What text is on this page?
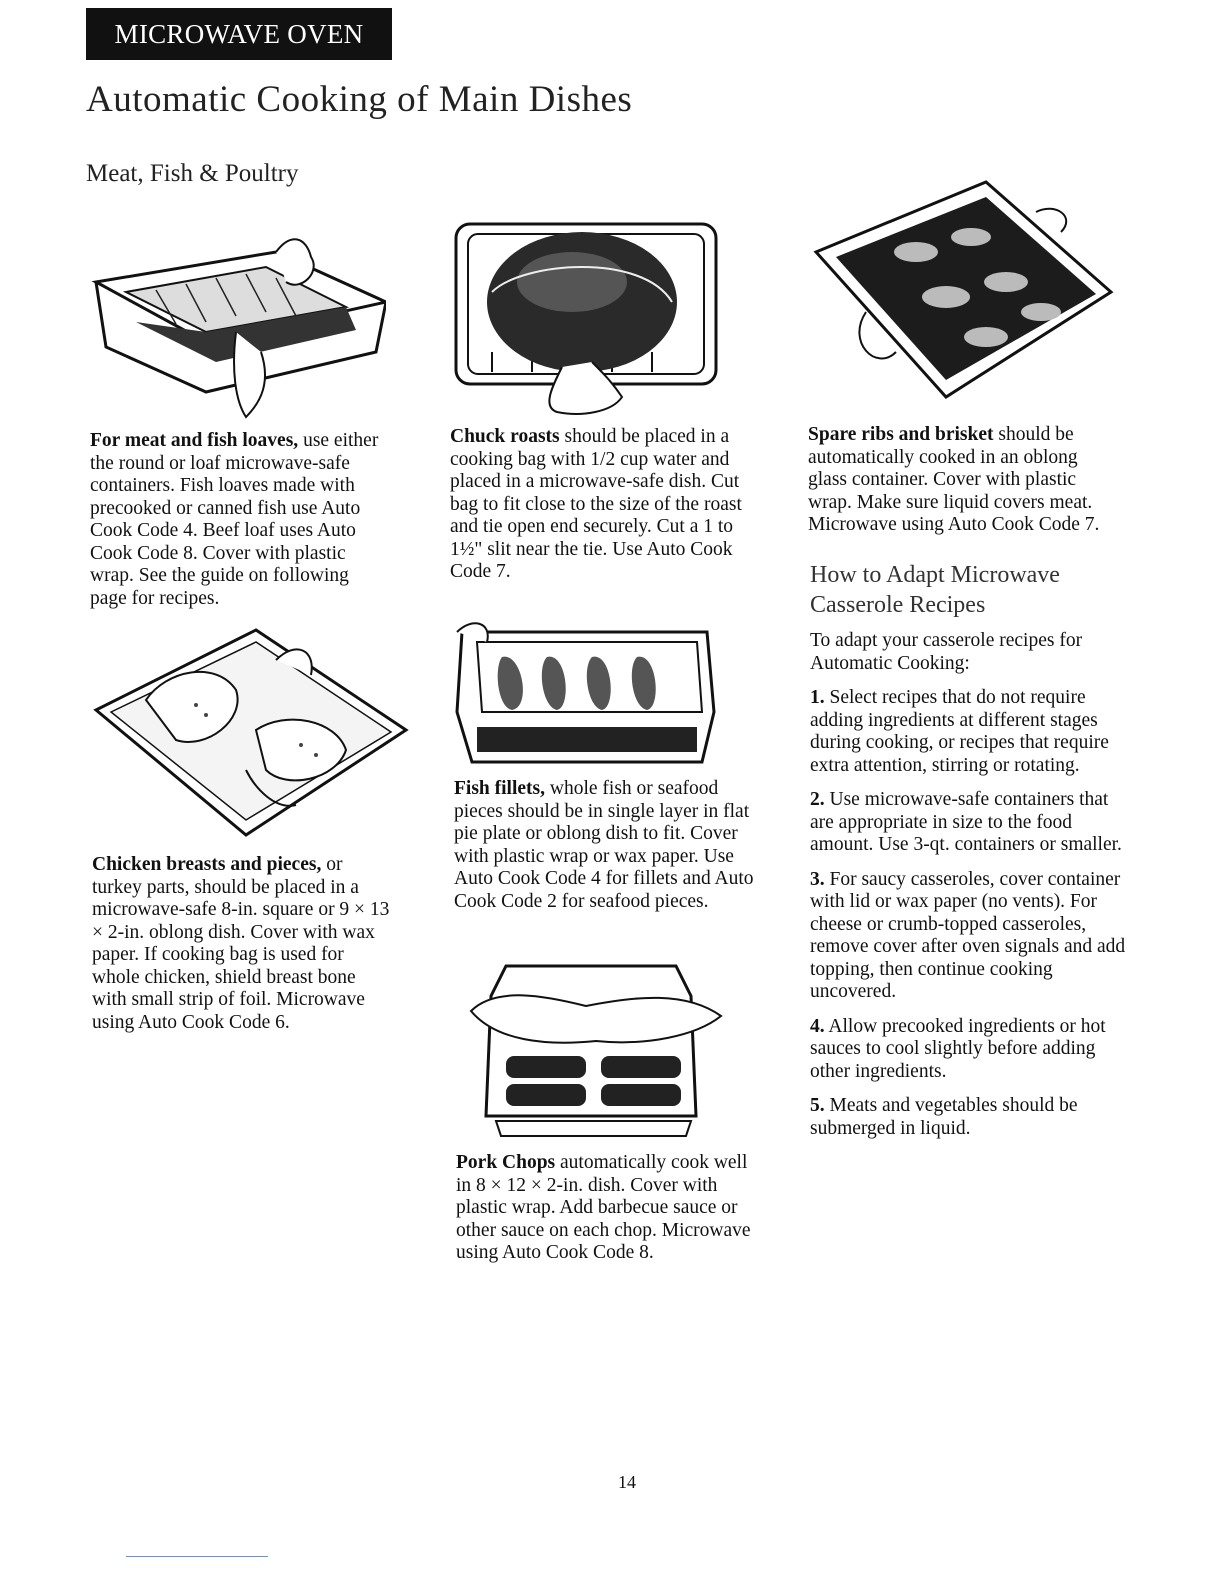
MICROWAVE OVEN
Automatic Cooking of Main Dishes
Meat, Fish & Poultry

For meat and fish loaves, use either the round or loaf microwave-safe containers. Fish loaves made with precooked or canned fish use Auto Cook Code 4. Beef loaf uses Auto Cook Code 8. Cover with plastic wrap. See the guide on following page for recipes.

Chuck roasts should be placed in a cooking bag with 1/2 cup water and placed in a microwave-safe dish. Cut bag to fit close to the size of the roast and tie open end securely. Cut a 1 to 1½" slit near the tie. Use Auto Cook Code 7.

Spare ribs and brisket should be automatically cooked in an oblong glass container. Cover with plastic wrap. Make sure liquid covers meat. Microwave using Auto Cook Code 7.

How to Adapt Microwave Casserole Recipes

To adapt your casserole recipes for Automatic Cooking:

1. Select recipes that do not require adding ingredients at different stages during cooking, or recipes that require extra attention, stirring or rotating.

2. Use microwave-safe containers that are appropriate in size to the food amount. Use 3-qt. containers or smaller.

3. For saucy casseroles, cover container with lid or wax paper (no vents). For cheese or crumb-topped casseroles, remove cover after oven signals and add topping, then continue cooking uncovered.

4. Allow precooked ingredients or hot sauces to cool slightly before adding other ingredients.

5. Meats and vegetables should be submerged in liquid.

Fish fillets, whole fish or seafood pieces should be in single layer in flat pie plate or oblong dish to fit. Cover with plastic wrap or wax paper. Use Auto Cook Code 4 for fillets and Auto Cook Code 2 for seafood pieces.

Chicken breasts and pieces, or turkey parts, should be placed in a microwave-safe 8-in. square or 9 × 13 × 2-in. oblong dish. Cover with wax paper. If cooking bag is used for whole chicken, shield breast bone with small strip of foil. Microwave using Auto Cook Code 6.

Pork Chops automatically cook well in 8 × 12 × 2-in. dish. Cover with plastic wrap. Add barbecue sauce or other sauce on each chop. Microwave using Auto Cook Code 8.

14
